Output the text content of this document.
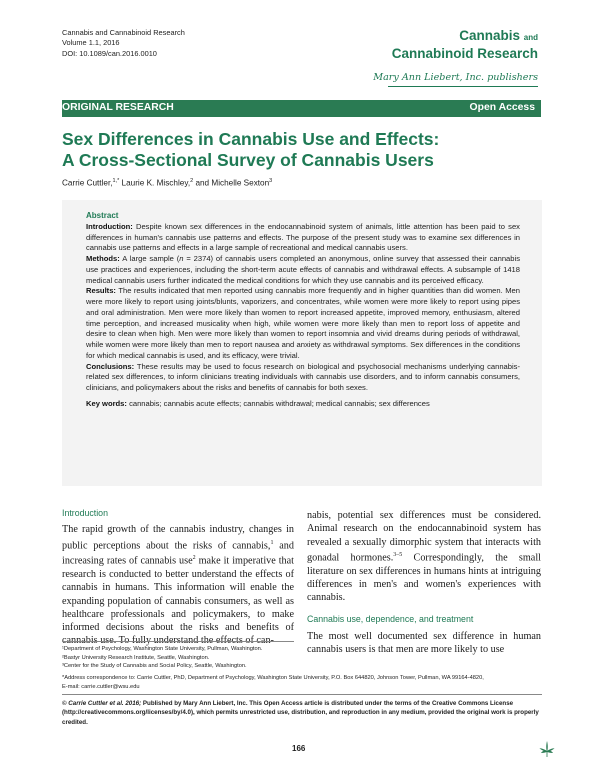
Cannabis and Cannabinoid Research
Volume 1.1, 2016
DOI: 10.1089/can.2016.0010
Cannabis and
Cannabinoid Research
Mary Ann Liebert, Inc. publishers
ORIGINAL RESEARCH	Open Access
Sex Differences in Cannabis Use and Effects:
A Cross-Sectional Survey of Cannabis Users
Carrie Cuttler,$^{1,*}$ Laurie K. Mischley,$^2$ and Michelle Sexton$^3$
Abstract

Introduction: Despite known sex differences in the endocannabinoid system of animals, little attention has been paid to sex differences in human's cannabis use patterns and effects. The purpose of the present study was to examine sex differences in cannabis use patterns and effects in a large sample of recreational and medical cannabis users.

Methods: A large sample (n = 2374) of cannabis users completed an anonymous, online survey that assessed their cannabis use practices and experiences, including the short-term acute effects of cannabis and withdrawal effects. A subsample of 1418 medical cannabis users further indicated the medical conditions for which they use cannabis and its perceived efficacy.

Results: The results indicated that men reported using cannabis more frequently and in higher quantities than did women. Men were more likely to report using joints/blunts, vaporizers, and concentrates, while women were more likely to report using pipes and oral administration. Men were more likely than women to report increased appetite, improved memory, enthusiasm, altered time perception, and increased musicality when high, while women were more likely than men to report loss of appetite and desire to clean when high. Men were more likely than women to report insomnia and vivid dreams during periods of withdrawal, while women were more likely than men to report nausea and anxiety as withdrawal symptoms. Sex differences in the conditions for which medical cannabis is used, and its efficacy, were trivial.

Conclusions: These results may be used to focus research on biological and psychosocial mechanisms underlying cannabis-related sex differences, to inform clinicians treating individuals with cannabis use disorders, and to inform cannabis consumers, clinicians, and policymakers about the risks and benefits of cannabis for both sexes.

Key words: cannabis; cannabis acute effects; cannabis withdrawal; medical cannabis; sex differences

Introduction

The rapid growth of the cannabis industry, changes in public perceptions about the risks of cannabis,$^1$ and increasing rates of cannabis use$^2$ make it imperative that research is conducted to better understand the effects of cannabis in humans. This information will enable the expanding population of cannabis consumers, as well as healthcare professionals and policymakers, to make informed decisions about the risks and benefits of cannabis use. To fully understand the effects of can-

nabis, potential sex differences must be considered. Animal research on the endocannabinoid system has revealed a sexually dimorphic system that interacts with gonadal hormones.$^{3-5}$ Correspondingly, the small literature on sex differences in humans hints at intriguing differences in men's and women's experiences with cannabis.

Cannabis use, dependence, and treatment

The most well documented sex difference in human cannabis users is that men are more likely to use

¹Department of Psychology, Washington State University, Pullman, Washington.
²Bastyr University Research Institute, Seattle, Washington.
³Center for the Study of Cannabis and Social Policy, Seattle, Washington.
*Address correspondence to: Carrie Cuttler, PhD, Department of Psychology, Washington State University, P.O. Box 644820, Johnson Tower, Pullman, WA 99164-4820,
E-mail: carrie.cuttler@wsu.edu
© Carrie Cuttler et al. 2016; Published by Mary Ann Liebert, Inc. This Open Access article is distributed under the terms of the Creative Commons License (http://creativecommons.org/licenses/by/4.0), which permits unrestricted use, distribution, and reproduction in any medium, provided the original work is properly credited.
166
